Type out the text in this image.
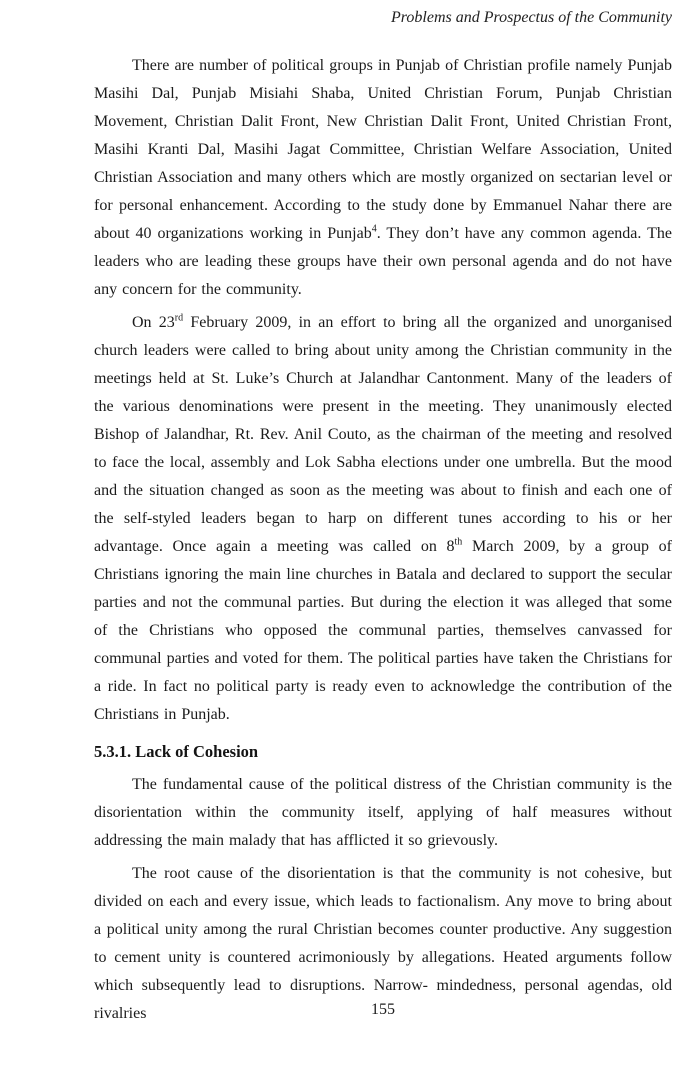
Problems and Prospectus of the Community

There are number of political groups in Punjab of Christian profile namely Punjab Masihi Dal, Punjab Misiahi Shaba, United Christian Forum, Punjab Christian Movement, Christian Dalit Front, New Christian Dalit Front, United Christian Front, Masihi Kranti Dal, Masihi Jagat Committee, Christian Welfare Association, United Christian Association and many others which are mostly organized on sectarian level or for personal enhancement. According to the study done by Emmanuel Nahar there are about 40 organizations working in Punjab$^4$. They don’t have any common agenda. The leaders who are leading these groups have their own personal agenda and do not have any concern for the community.

On 23rd February 2009, in an effort to bring all the organized and unorganised church leaders were called to bring about unity among the Christian community in the meetings held at St. Luke’s Church at Jalandhar Cantonment. Many of the leaders of the various denominations were present in the meeting. They unanimously elected Bishop of Jalandhar, Rt. Rev. Anil Couto, as the chairman of the meeting and resolved to face the local, assembly and Lok Sabha elections under one umbrella. But the mood and the situation changed as soon as the meeting was about to finish and each one of the self-styled leaders began to harp on different tunes according to his or her advantage. Once again a meeting was called on 8th March 2009, by a group of Christians ignoring the main line churches in Batala and declared to support the secular parties and not the communal parties. But during the election it was alleged that some of the Christians who opposed the communal parties, themselves canvassed for communal parties and voted for them. The political parties have taken the Christians for a ride. In fact no political party is ready even to acknowledge the contribution of the Christians in Punjab.

5.3.1. Lack of Cohesion

The fundamental cause of the political distress of the Christian community is the disorientation within the community itself, applying of half measures without addressing the main malady that has afflicted it so grievously.

The root cause of the disorientation is that the community is not cohesive, but divided on each and every issue, which leads to factionalism. Any move to bring about a political unity among the rural Christian becomes counter productive. Any suggestion to cement unity is countered acrimoniously by allegations. Heated arguments follow which subsequently lead to disruptions. Narrow- mindedness, personal agendas, old rivalries	155
